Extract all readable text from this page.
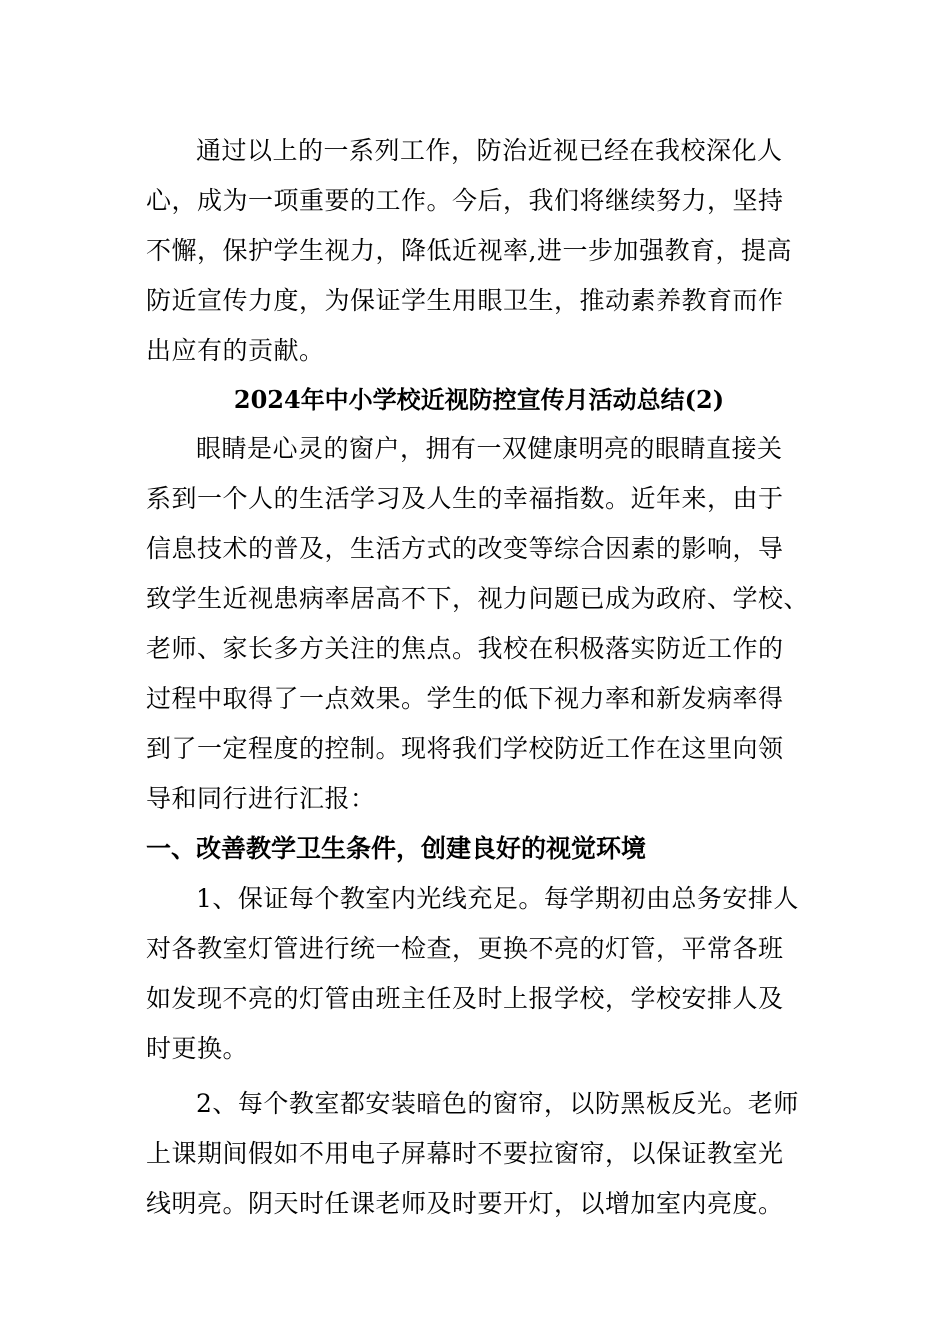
通过以上的一系列工作，防治近视已经在我校深化人
心，成为一项重要的工作。今后，我们将继续努力，坚持
不懈，保护学生视力，降低近视率,进一步加强教育，提高
防近宣传力度，为保证学生用眼卫生，推动素养教育而作
出应有的贡献。
2024年中小学校近视防控宣传月活动总结(2)
眼睛是心灵的窗户，拥有一双健康明亮的眼睛直接关
系到一个人的生活学习及人生的幸福指数。近年来，由于
信息技术的普及，生活方式的改变等综合因素的影响，导
致学生近视患病率居高不下，视力问题已成为政府、学校、
老师、家长多方关注的焦点。我校在积极落实防近工作的
过程中取得了一点效果。学生的低下视力率和新发病率得
到了一定程度的控制。现将我们学校防近工作在这里向领
导和同行进行汇报：
一、改善教学卫生条件，创建良好的视觉环境
1、保证每个教室内光线充足。每学期初由总务安排人
对各教室灯管进行统一检查，更换不亮的灯管，平常各班
如发现不亮的灯管由班主任及时上报学校，学校安排人及
时更换。
2、每个教室都安装暗色的窗帘，以防黑板反光。老师
上课期间假如不用电子屏幕时不要拉窗帘，以保证教室光
线明亮。阴天时任课老师及时要开灯，以增加室内亮度。
